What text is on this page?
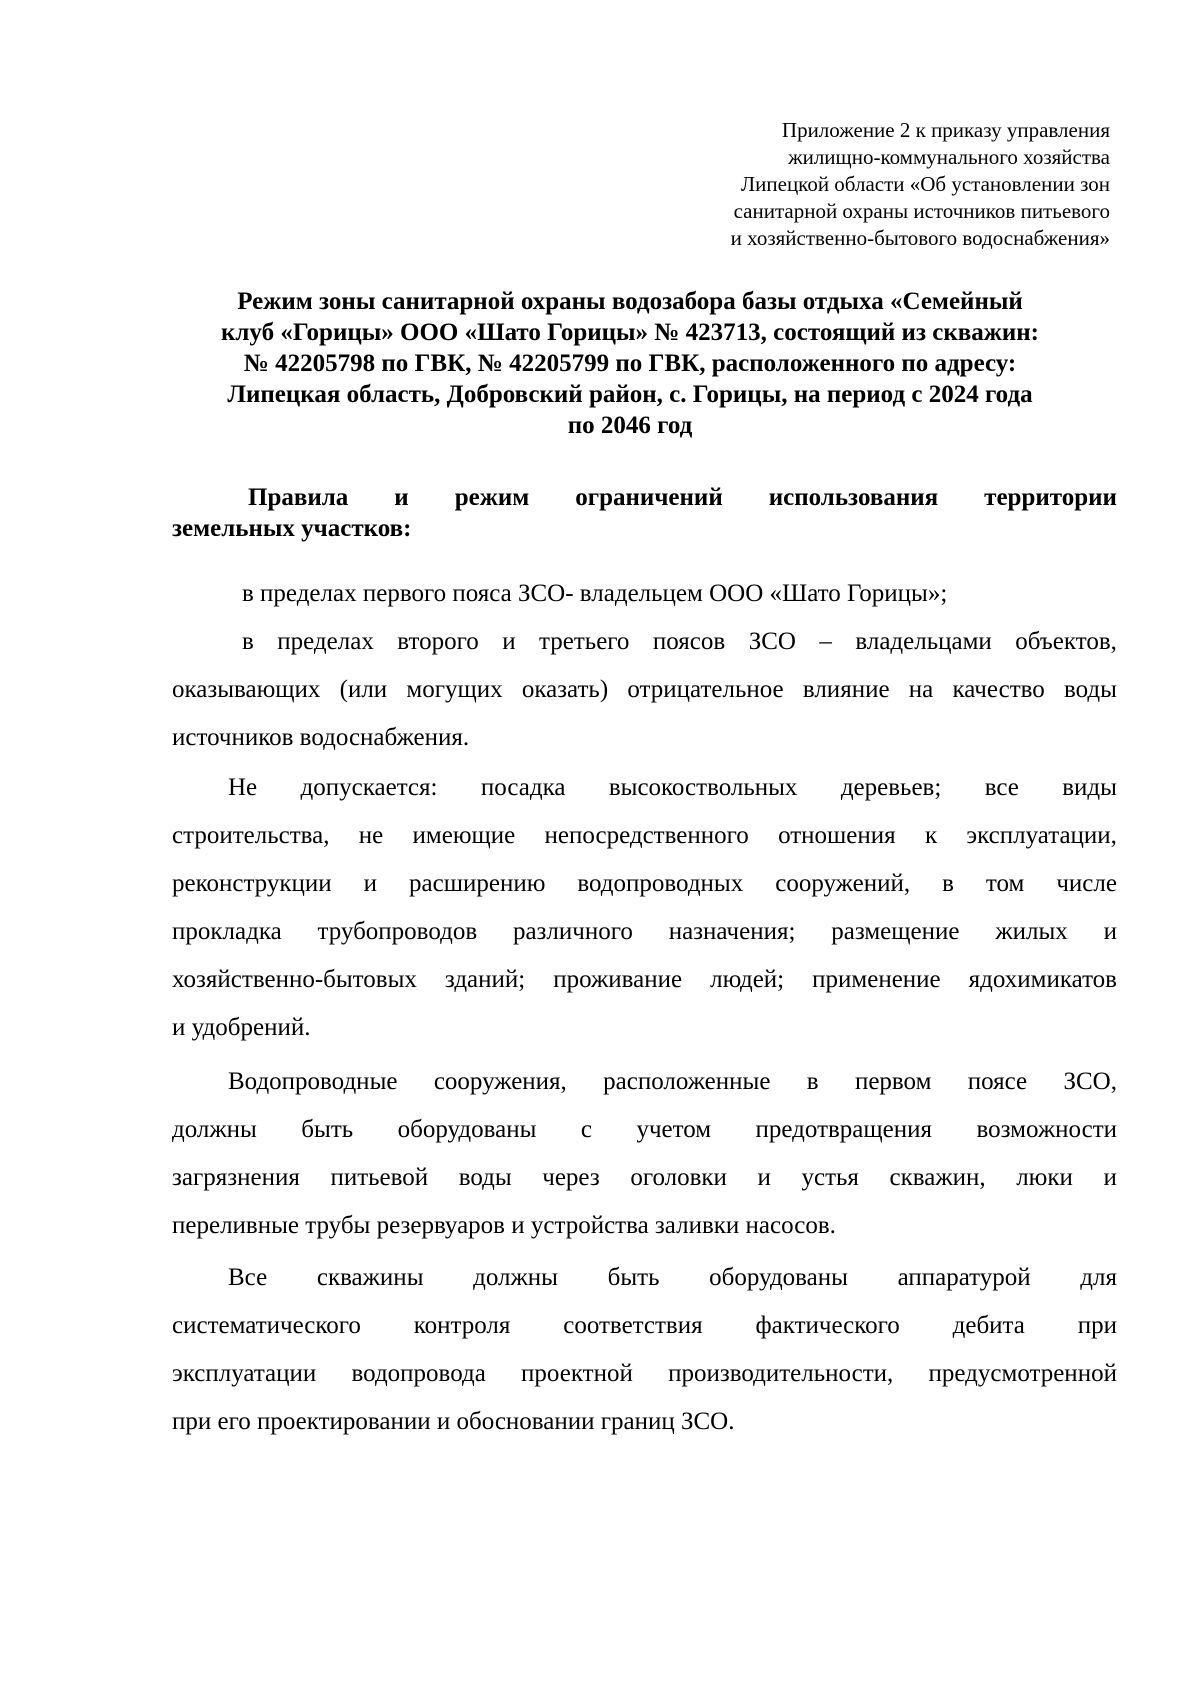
Приложение 2 к приказу управления
жилищно-коммунального хозяйства
Липецкой области «Об установлении зон
санитарной охраны источников питьевого
и хозяйственно-бытового водоснабжения»
Режим зоны санитарной охраны водозабора базы отдыха «Семейный
клуб «Горицы» ООО «Шато Горицы» № 423713, состоящий из скважин:
№ 42205798 по ГВК, № 42205799 по ГВК, расположенного по адресу:
Липецкая область, Добровский район, с. Горицы, на период с 2024 года
по 2046 год
Правила и режим ограничений использования территории
земельных участков:
в пределах первого пояса ЗСО- владельцем ООО «Шато Горицы»;
в пределах второго и третьего поясов ЗСО – владельцами объектов,
оказывающих (или могущих оказать) отрицательное влияние на качество воды
источников водоснабжения.
Не допускается: посадка высокоствольных деревьев; все виды
строительства, не имеющие непосредственного отношения к эксплуатации,
реконструкции и расширению водопроводных сооружений, в том числе
прокладка трубопроводов различного назначения; размещение жилых и
хозяйственно-бытовых зданий; проживание людей; применение ядохимикатов
и удобрений.
Водопроводные сооружения, расположенные в первом поясе ЗСО,
должны быть оборудованы с учетом предотвращения возможности
загрязнения питьевой воды через оголовки и устья скважин, люки и
переливные трубы резервуаров и устройства заливки насосов.
Все скважины должны быть оборудованы аппаратурой для
систематического контроля соответствия фактического дебита при
эксплуатации водопровода проектной производительности, предусмотренной
при его проектировании и обосновании границ ЗСО.
